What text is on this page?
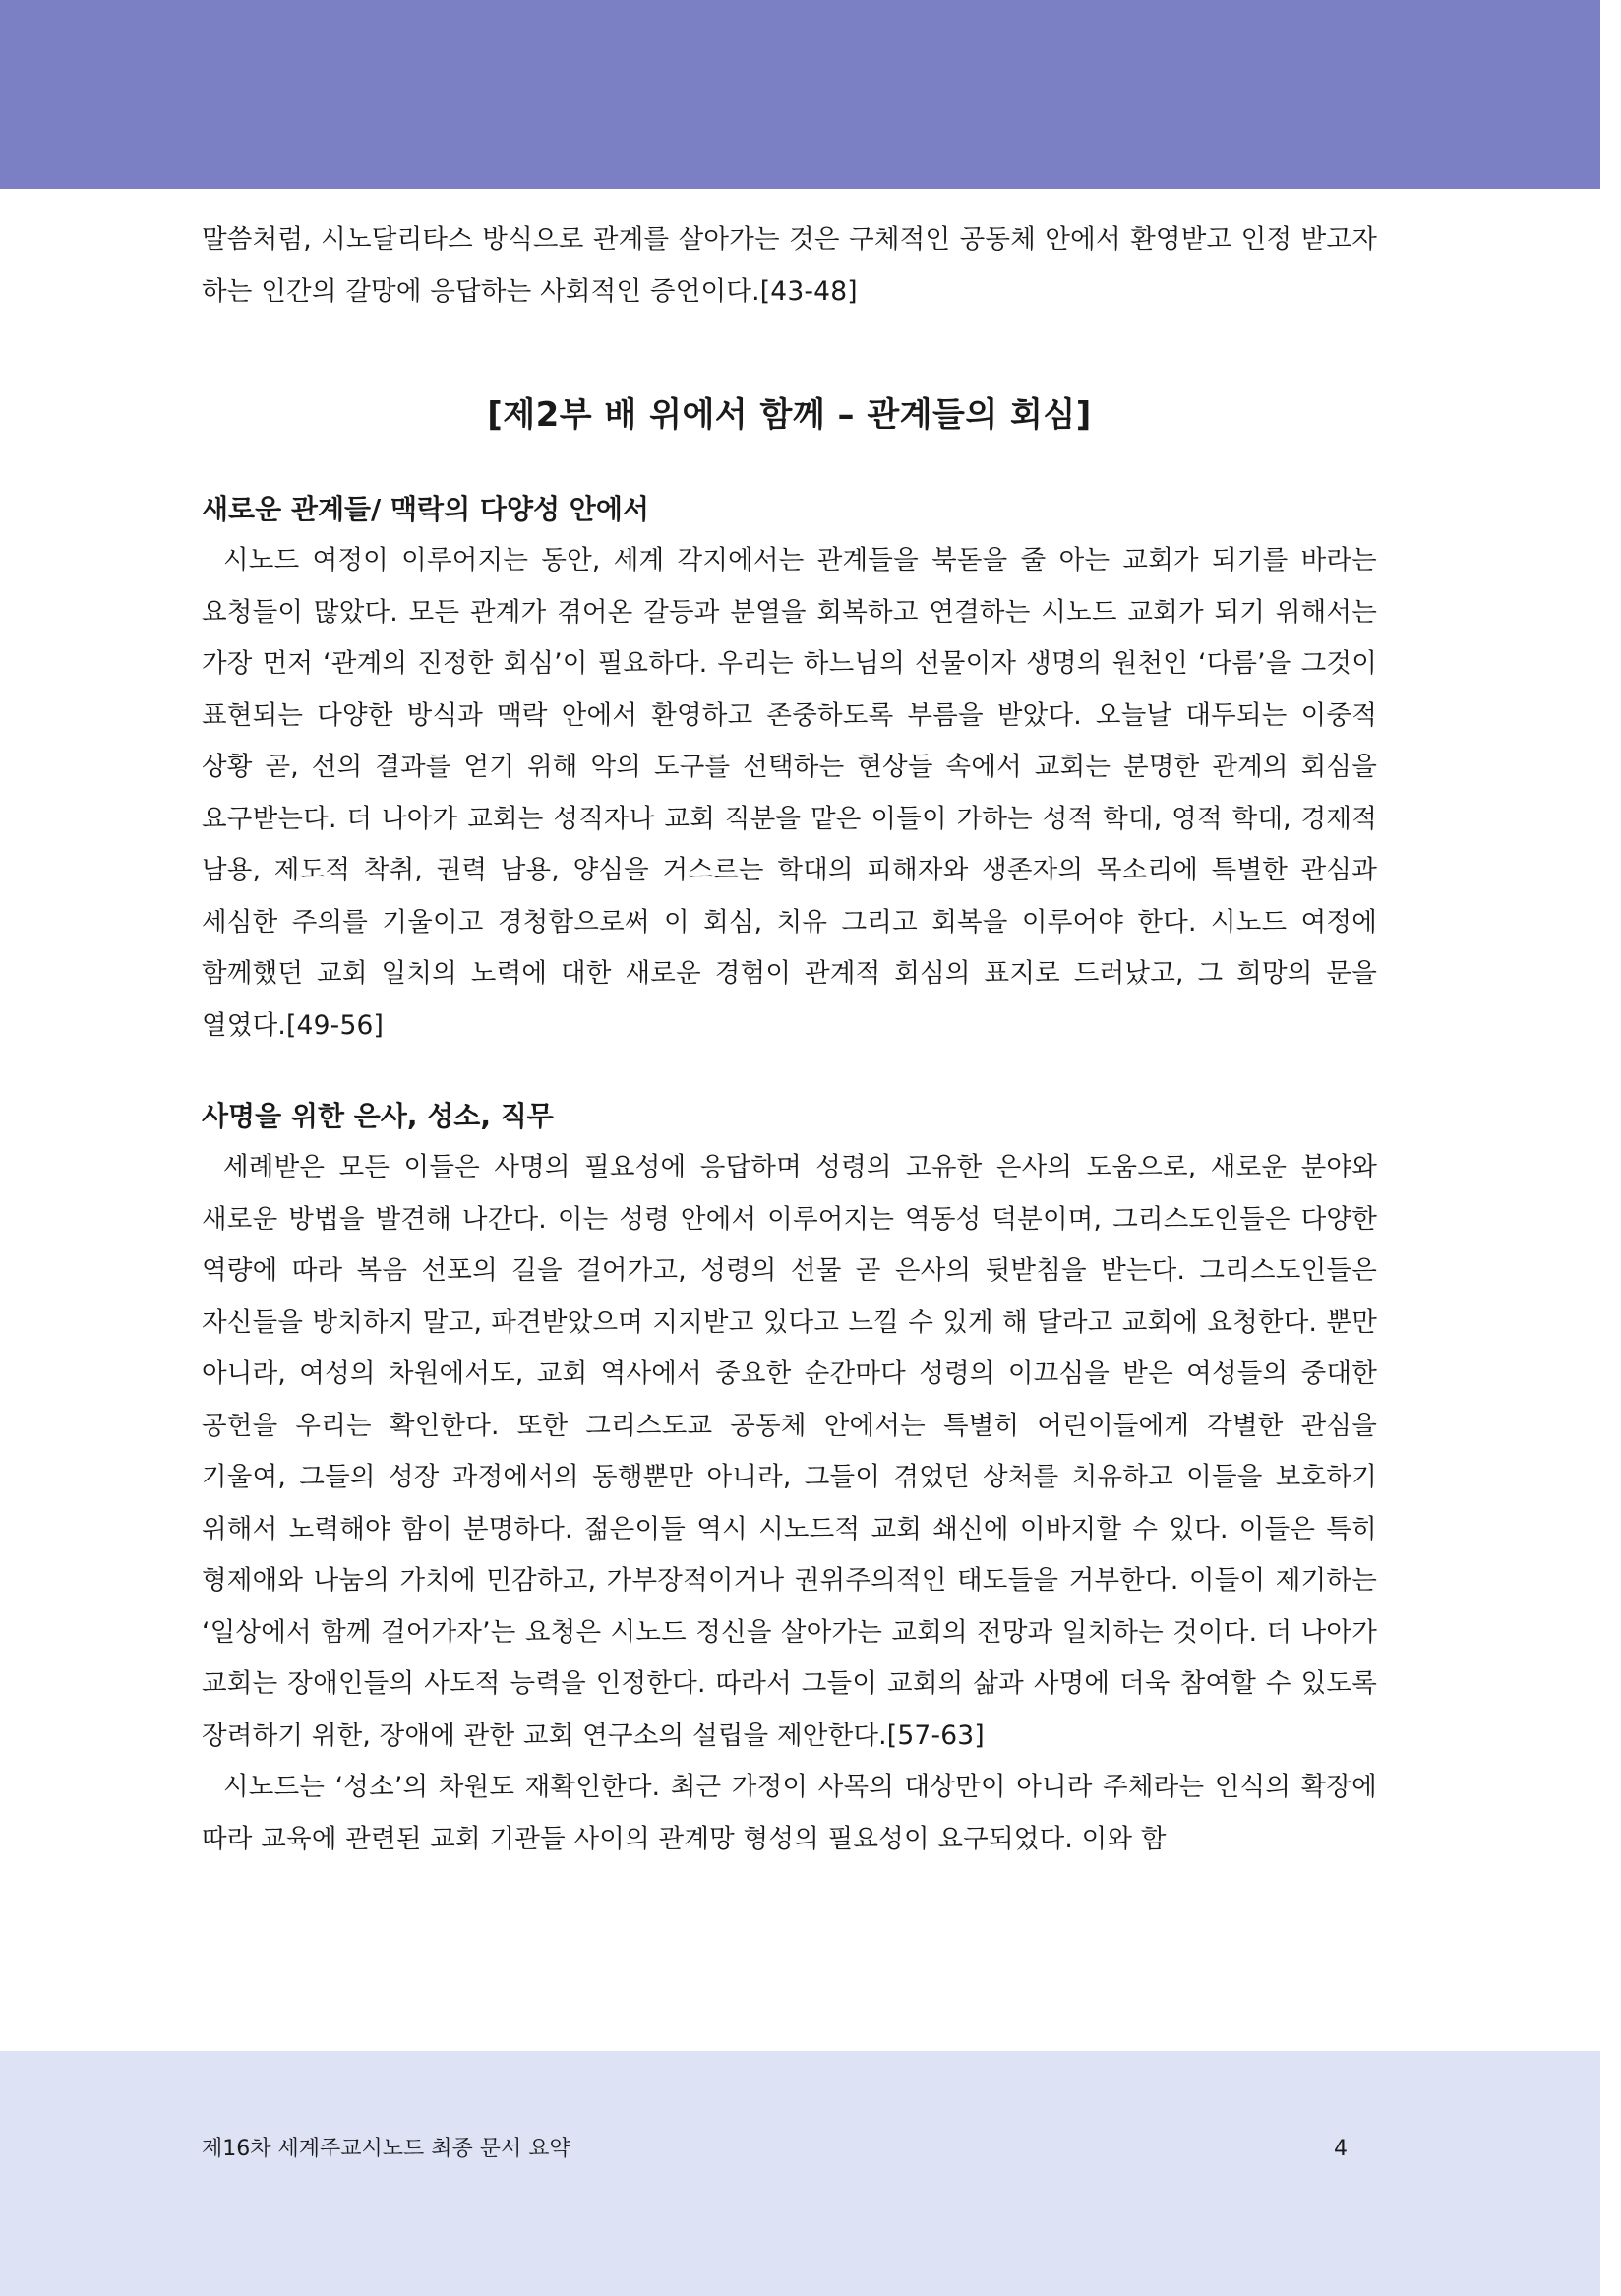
말씀처럼, 시노달리타스 방식으로 관계를 살아가는 것은 구체적인 공동체 안에서 환영받고 인정 받고자 하는 인간의 갈망에 응답하는 사회적인 증언이다.[43-48]

[제2부 배 위에서 함께 – 관계들의 회심]
새로운 관계들/ 맥락의 다양성 안에서

시노드 여정이 이루어지는 동안, 세계 각지에서는 관계들을 북돋을 줄 아는 교회가 되기를 바라는 요청들이 많았다. 모든 관계가 겪어온 갈등과 분열을 회복하고 연결하는 시노드 교회가 되기 위해서는 가장 먼저 ‘관계의 진정한 회심’이 필요하다. 우리는 하느님의 선물이자 생명의 원천인 ‘다름’을 그것이 표현되는 다양한 방식과 맥락 안에서 환영하고 존중하도록 부름을 받았다. 오늘날 대두되는 이중적 상황 곧, 선의 결과를 얻기 위해 악의 도구를 선택하는 현상들 속에서 교회는 분명한 관계의 회심을 요구받는다. 더 나아가 교회는 성직자나 교회 직분을 맡은 이들이 가하는 성적 학대, 영적 학대, 경제적 남용, 제도적 착취, 권력 남용, 양심을 거스르는 학대의 피해자와 생존자의 목소리에 특별한 관심과 세심한 주의를 기울이고 경청함으로써 이 회심, 치유 그리고 회복을 이루어야 한다. 시노드 여정에 함께했던 교회 일치의 노력에 대한 새로운 경험이 관계적 회심의 표지로 드러났고, 그 희망의 문을 열였다.[49-56]

사명을 위한 은사, 성소, 직무

세례받은 모든 이들은 사명의 필요성에 응답하며 성령의 고유한 은사의 도움으로, 새로운 분야와 새로운 방법을 발견해 나간다. 이는 성령 안에서 이루어지는 역동성 덕분이며, 그리스도인들은 다양한 역량에 따라 복음 선포의 길을 걸어가고, 성령의 선물 곧 은사의 뒷받침을 받는다. 그리스도인들은 자신들을 방치하지 말고, 파견받았으며 지지받고 있다고 느낄 수 있게 해 달라고 교회에 요청한다. 뿐만 아니라, 여성의 차원에서도, 교회 역사에서 중요한 순간마다 성령의 이끄심을 받은 여성들의 중대한 공헌을 우리는 확인한다. 또한 그리스도교 공동체 안에서는 특별히 어린이들에게 각별한 관심을 기울여, 그들의 성장 과정에서의 동행뿐만 아니라, 그들이 겪었던 상처를 치유하고 이들을 보호하기 위해서 노력해야 함이 분명하다. 젊은이들 역시 시노드적 교회 쇄신에 이바지할 수 있다. 이들은 특히 형제애와 나눔의 가치에 민감하고, 가부장적이거나 권위주의적인 태도들을 거부한다. 이들이 제기하는 ‘일상에서 함께 걸어가자’는 요청은 시노드 정신을 살아가는 교회의 전망과 일치하는 것이다. 더 나아가 교회는 장애인들의 사도적 능력을 인정한다. 따라서 그들이 교회의 삶과 사명에 더욱 참여할 수 있도록 장려하기 위한, 장애에 관한 교회 연구소의 설립을 제안한다.[57-63]

시노드는 ‘성소’의 차원도 재확인한다. 최근 가정이 사목의 대상만이 아니라 주체라는 인식의 확장에 따라 교육에 관련된 교회 기관들 사이의 관계망 형성의 필요성이 요구되었다. 이와 함

제16차 세계주교시노드 최종 문서 요약	4
